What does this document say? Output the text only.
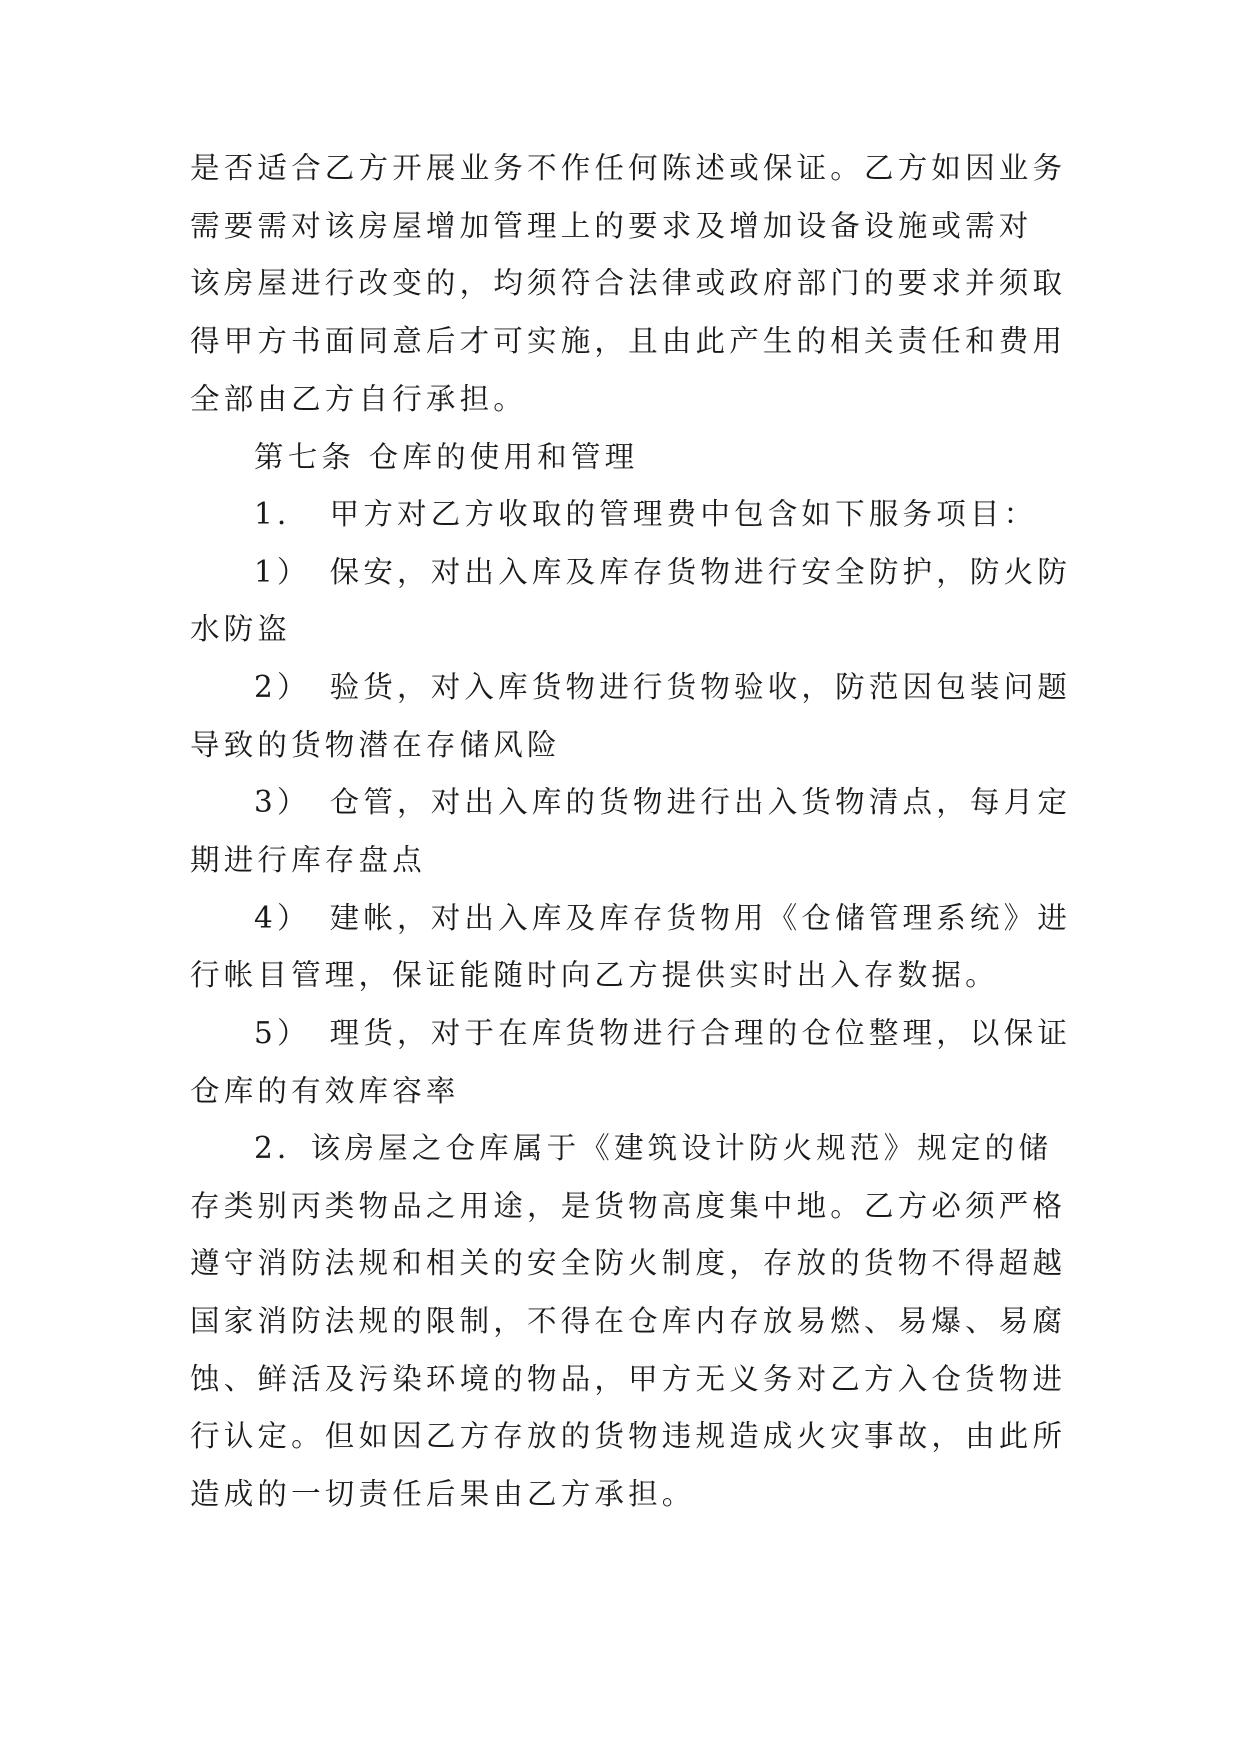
是否适合乙方开展业务不作任何陈述或保证。乙方如因业务

需要需对该房屋增加管理上的要求及增加设备设施或需对

该房屋进行改变的，均须符合法律或政府部门的要求并须取

得甲方书面同意后才可实施，且由此产生的相关责任和费用

全部由乙方自行承担。

第七条 仓库的使用和管理

1．　甲方对乙方收取的管理费中包含如下服务项目：

1）　保安，对出入库及库存货物进行安全防护，防火防

水防盗

2）　验货，对入库货物进行货物验收，防范因包装问题

导致的货物潜在存储风险

3）　仓管，对出入库的货物进行出入货物清点，每月定

期进行库存盘点

4）　建帐，对出入库及库存货物用《仓储管理系统》进

行帐目管理，保证能随时向乙方提供实时出入存数据。

5）　理货，对于在库货物进行合理的仓位整理，以保证

仓库的有效库容率

2．该房屋之仓库属于《建筑设计防火规范》规定的储

存类别丙类物品之用途，是货物高度集中地。乙方必须严格

遵守消防法规和相关的安全防火制度，存放的货物不得超越

国家消防法规的限制，不得在仓库内存放易燃、易爆、易腐

蚀、鲜活及污染环境的物品，甲方无义务对乙方入仓货物进

行认定。但如因乙方存放的货物违规造成火灾事故，由此所

造成的一切责任后果由乙方承担。
